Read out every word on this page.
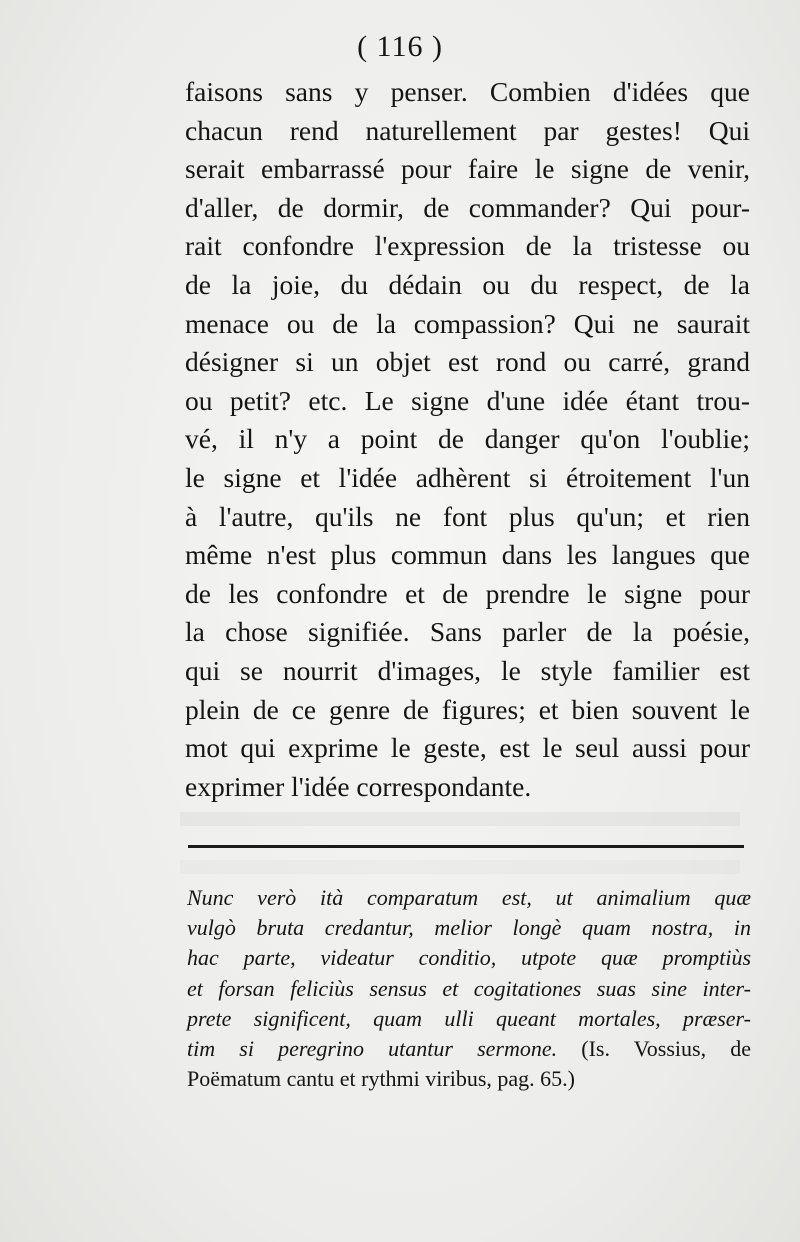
( 116 )
faisons sans y penser. Combien d'idées que
chacun rend naturellement par gestes! Qui
serait embarrassé pour faire le signe de venir,
d'aller, de dormir, de commander? Qui pour-
rait confondre l'expression de la tristesse ou
de la joie, du dédain ou du respect, de la
menace ou de la compassion? Qui ne saurait
désigner si un objet est rond ou carré, grand
ou petit? etc. Le signe d'une idée étant trou-
vé, il n'y a point de danger qu'on l'oublie;
le signe et l'idée adhèrent si étroitement l'un
à l'autre, qu'ils ne font plus qu'un; et rien
même n'est plus commun dans les langues que
de les confondre et de prendre le signe pour
la chose signifiée. Sans parler de la poésie,
qui se nourrit d'images, le style familier est
plein de ce genre de figures; et bien souvent le
mot qui exprime le geste, est le seul aussi pour
exprimer l'idée correspondante.
Nunc verò ità comparatum est, ut animalium quæ
vulgò bruta credantur, melior longè quam nostra, in
hac parte, videatur conditio, utpote quæ promptiùs
et forsan feliciùs sensus et cogitationes suas sine inter-
prete significent, quam ulli queant mortales, præser-
tim si peregrino utantur sermone. (Is. Vossius, de
Poëmatum cantu et rythmi viribus, pag. 65.)
